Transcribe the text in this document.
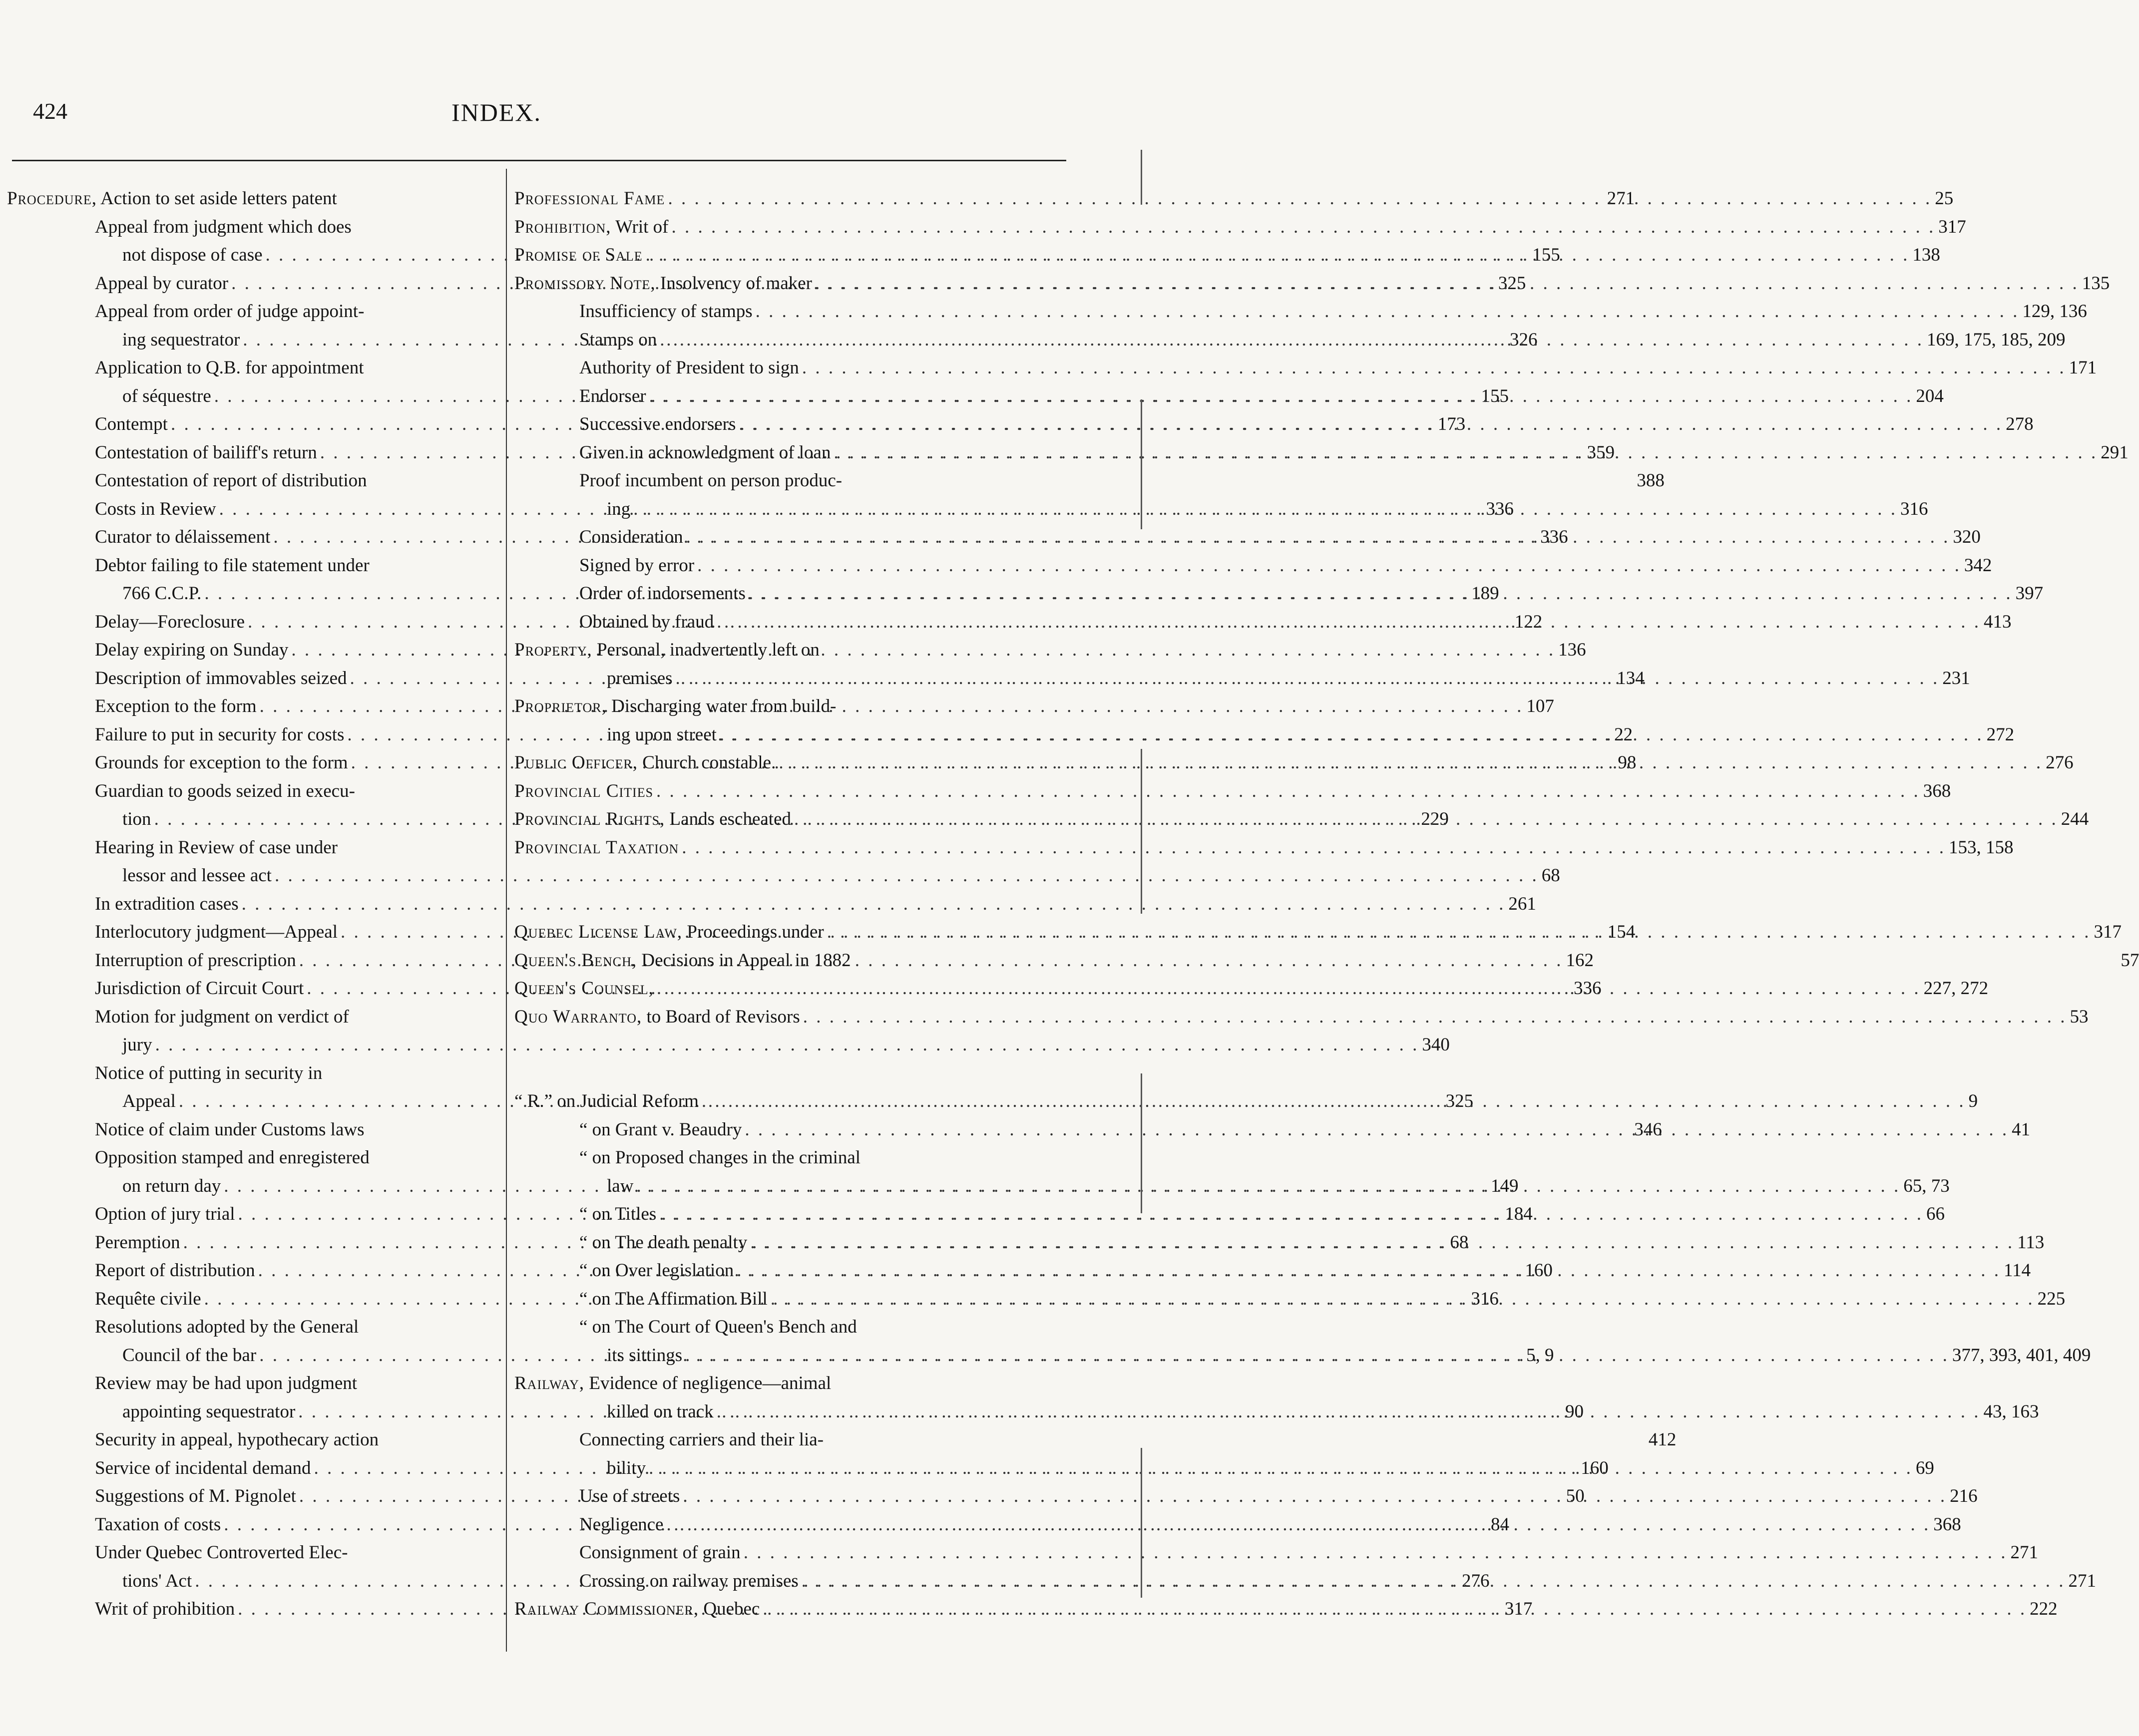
424	INDEX.
Procedure, Action to set aside letters patent	271
Appeal from judgment which does
not dispose of case . . .	155
Appeal by curator . . .	325
Appeal from order of judge appoint-
ing sequestrator . . .	326
Application to Q.B. for appointment
of séquestre . . .	155
Contempt . . .	173
Contestation of bailiff's return . . .	359
Contestation of report of distribution	388
Costs in Review . . .	336
Curator to délaissement . . .	336
Debtor failing to file statement under
766 C.C.P. . . .	189
Delay—Foreclosure . . .	122
Delay expiring on Sunday . . .	136
Description of immovables seized . . .	134
Exception to the form . . .	107
Failure to put in security for costs . . .	22
Grounds for exception to the form . . .	98
Guardian to goods seized in execu-
tion . . .	229
Hearing in Review of case under
lessor and lessee act . . .	68
In extradition cases . . .	261
Interlocutory judgment—Appeal . . .	154
Interruption of prescription . . .	162
Jurisdiction of Circuit Court . . .	336
Motion for judgment on verdict of
jury . . .	340
Notice of putting in security in
Appeal . . .	325
Notice of claim under Customs laws	346
Opposition stamped and enregistered
on return day . . .	149
Option of jury trial . . .	184
Peremption . . .	68
Report of distribution . . .	160
Requête civile . . .	316
Resolutions adopted by the General
Council of the bar . . .	5, 9
Review may be had upon judgment
appointing sequestrator . . .	90
Security in appeal, hypothecary action	412
Service of incidental demand . . .	160
Suggestions of M. Pignolet . . .	50
Taxation of costs . . .	84
Under Quebec Controverted Elec-
tions' Act . . .	276
Writ of prohibition . . .	317
Professional Fame . . .	25
Prohibition, Writ of . . .	317
Promise of Sale . . .	138
Promissory Note, Insolvency of maker . . .	135
Insufficiency of stamps . . .	129, 136
Stamps on . . .	169, 175, 185, 209
Authority of President to sign . . .	171
Endorser . . .	204
Successive endorsers . . .	278
Given in acknowledgment of loan . . .	291
Proof incumbent on person produc-
ing . . .	316
Consideration . . .	320
Signed by error . . .	342
Order of indorsements . . .	397
Obtained by fraud . . .	413
Property, Personal, inadvertently left on
premises . . .	231
Proprietor, Discharging water from build-
ing upon street . . .	272
Public Officer, Church constable. . . .	276
Provincial Cities . . .	368
Provincial Rights, Lands escheated . . .	244
Provincial Taxation . . .	153, 158
Quebec License Law, Proceedings under . . .	317
Queen's Bench, Decisions in Appeal in 1882	57
Queen's Counsel, . . .	227, 272
Quo Warranto, to Board of Revisors . . .	53
“ R.” on Judicial Reform . . .	9
“ on Grant v. Beaudry . . .	41
“ on Proposed changes in the criminal
law . . .	65, 73
“ on Titles . . .	66
“ on The death penalty . . .	113
“ on Over legislation . . .	114
“ on The Affirmation Bill . . .	225
“ on The Court of Queen's Bench and
its sittings . . .	377, 393, 401, 409
Railway, Evidence of negligence—animal
killed on track . . .	43, 163
Connecting carriers and their lia-
bility . . .	69
Use of streets . . .	216
Negligence . . .	368
Consignment of grain . . .	271
Crossing on railway premises . . .	271
Railway Commissioner, Quebec . . .	222
